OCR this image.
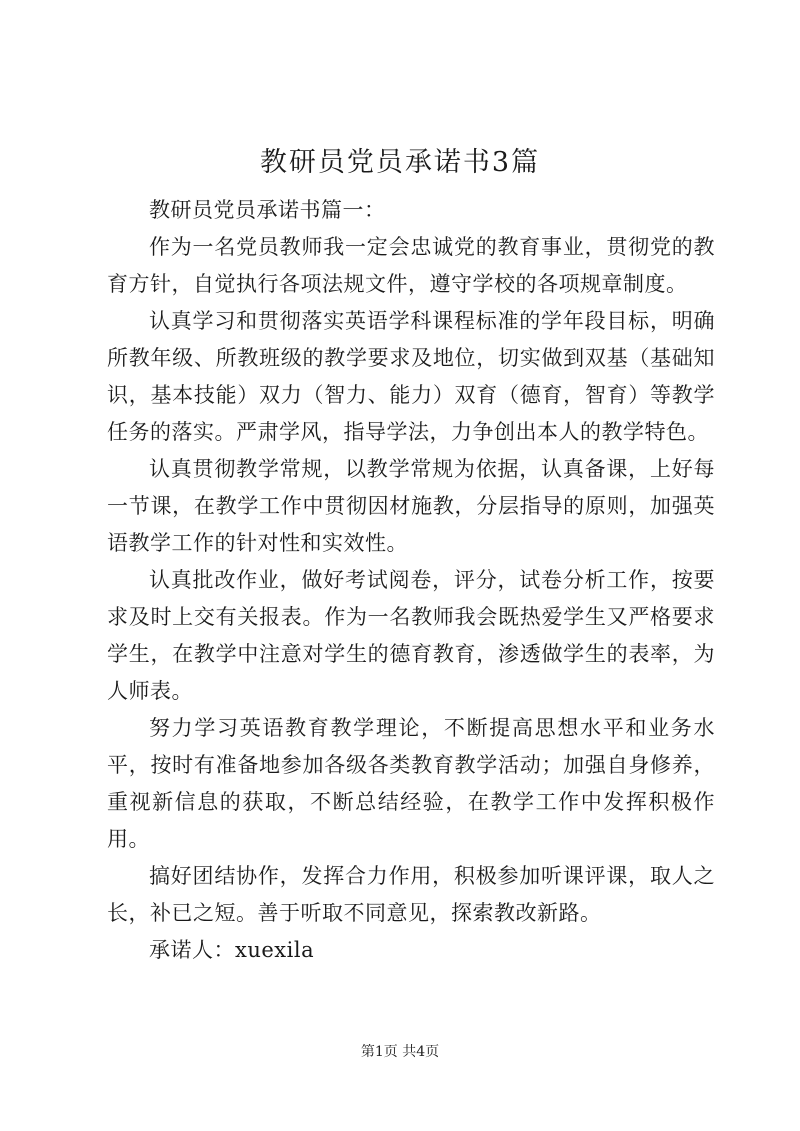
教研员党员承诺书3篇

教研员党员承诺书篇一：

作为一名党员教师我一定会忠诚党的教育事业，贯彻党的教育方针，自觉执行各项法规文件，遵守学校的各项规章制度。

认真学习和贯彻落实英语学科课程标准的学年段目标，明确所教年级、所教班级的教学要求及地位，切实做到双基（基础知识，基本技能）双力（智力、能力）双育（德育，智育）等教学任务的落实。严肃学风，指导学法，力争创出本人的教学特色。

认真贯彻教学常规，以教学常规为依据，认真备课，上好每一节课，在教学工作中贯彻因材施教，分层指导的原则，加强英语教学工作的针对性和实效性。

认真批改作业，做好考试阅卷，评分，试卷分析工作，按要求及时上交有关报表。作为一名教师我会既热爱学生又严格要求学生，在教学中注意对学生的德育教育，渗透做学生的表率，为人师表。

努力学习英语教育教学理论，不断提高思想水平和业务水平，按时有准备地参加各级各类教育教学活动；加强自身修养，重视新信息的获取，不断总结经验，在教学工作中发挥积极作用。

搞好团结协作，发挥合力作用，积极参加听课评课，取人之长，补已之短。善于听取不同意见，探索教改新路。

承诺人：xuexila

第1页 共4页
